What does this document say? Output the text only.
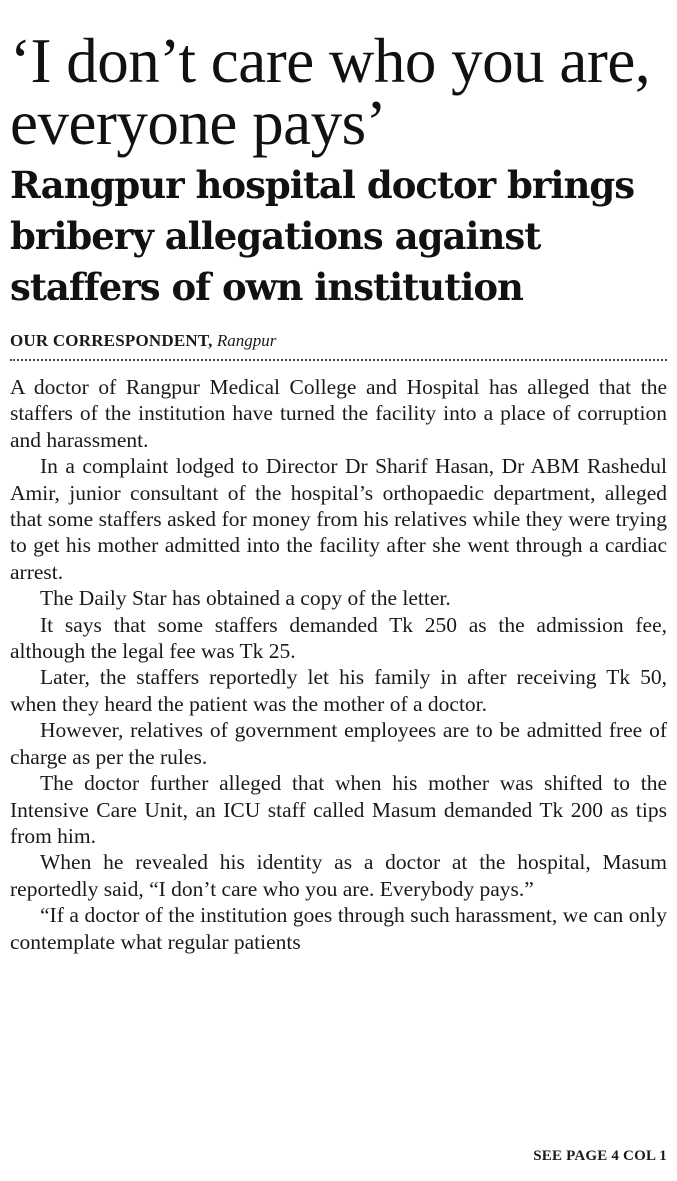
‘I don’t care who you are, everyone pays’
Rangpur hospital doctor brings bribery allegations against staffers of own institution
OUR CORRESPONDENT, Rangpur

A doctor of Rangpur Medical College and Hospital has alleged that the staffers of the institution have turned the facility into a place of corruption and harassment.

In a complaint lodged to Director Dr Sharif Hasan, Dr ABM Rashedul Amir, junior consultant of the hospital’s orthopaedic department, alleged that some staffers asked for money from his relatives while they were trying to get his mother admitted into the facility after she went through a cardiac arrest.

The Daily Star has obtained a copy of the letter.

It says that some staffers demanded Tk 250 as the admission fee, although the legal fee was Tk 25.

Later, the staffers reportedly let his family in after receiving Tk 50, when they heard the patient was the mother of a doctor.

However, relatives of government employees are to be admitted free of charge as per the rules.

The doctor further alleged that when his mother was shifted to the Intensive Care Unit, an ICU staff called Masum demanded Tk 200 as tips from him.

When he revealed his identity as a doctor at the hospital, Masum reportedly said, “I don’t care who you are. Everybody pays.”

“If a doctor of the institution goes through such harassment, we can only contemplate what regular patients

SEE PAGE 4 COL 1
